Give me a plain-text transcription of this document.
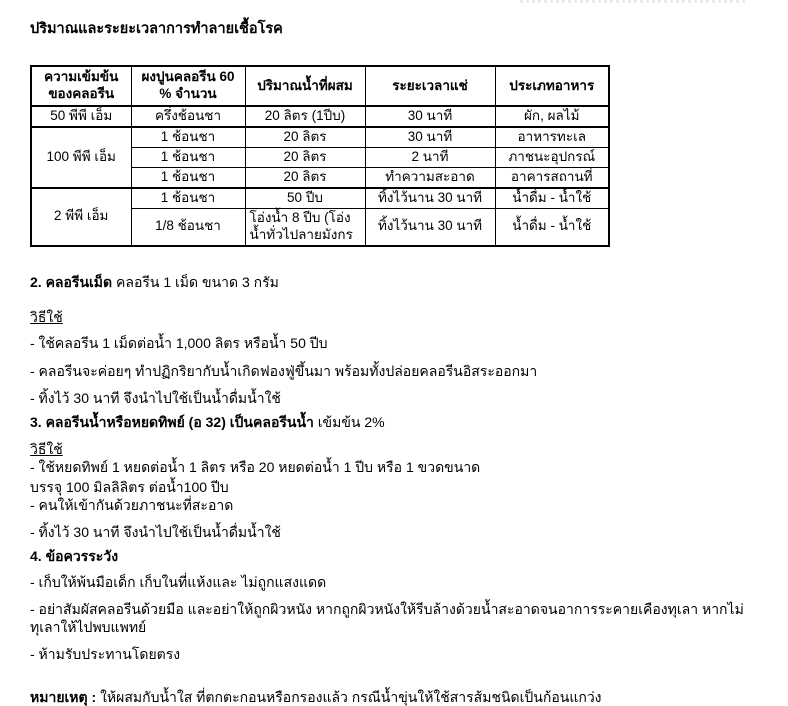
ปริมาณและระยะเวลาการทำลายเชื้อโรค

ความเข้มข้น ของคลอรีน	ผงปูนคลอรีน 60 % จำนวน	ปริมาณน้ำที่ผสม	ระยะเวลาแช่	ประเภทอาหาร
50 พีพี เอ็ม	ครึ่งช้อนชา	20 ลิตร (1ปีบ)	30 นาที	ผัก, ผลไม้
100 พีพี เอ็ม	1 ช้อนชา	20 ลิตร	30 นาที	อาหารทะเล
	1 ช้อนชา	20 ลิตร	2 นาที	ภาชนะอุปกรณ์
	1 ช้อนชา	20 ลิตร	ทำความสะอาด	อาคารสถานที่
2 พีพี เอ็ม	1 ช้อนชา	50 ปีบ	ทิ้งไว้นาน 30 นาที	น้ำดื่ม - น้ำใช้
	1/8 ช้อนชา	โอ่งน้ำ 8 ปีบ (โอ่งน้ำทั่วไปลายมังกร	ทิ้งไว้นาน 30 นาที	น้ำดื่ม - น้ำใช้

2. คลอรีนเม็ด คลอรีน 1 เม็ด ขนาด 3 กรัม

วิธีใช้

- ใช้คลอรีน 1 เม็ดต่อน้ำ 1,000 ลิตร หรือน้ำ 50 ปีบ

- คลอรีนจะค่อยๆ ทำปฏิกริยากับน้ำเกิดฟองฟู่ขึ้นมา พร้อมทั้งปล่อยคลอรีนอิสระออกมา

- ทิ้งไว้ 30 นาที จึงนำไปใช้เป็นน้ำดื่มน้ำใช้

3. คลอรีนน้ำหรือหยดทิพย์ (อ 32) เป็นคลอรีนน้ำ เข้มข้น 2%

วิธีใช้

- ใช้หยดทิพย์ 1 หยดต่อน้ำ 1 ลิตร หรือ 20 หยดต่อน้ำ 1 ปีบ หรือ 1 ขวดขนาด

บรรจุ 100 มิลลิลิตร ต่อน้ำ100 ปีบ

- คนให้เข้ากันด้วยภาชนะที่สะอาด

- ทิ้งไว้ 30 นาที จึงนำไปใช้เป็นน้ำดื่มน้ำใช้

4. ข้อควรระวัง

- เก็บให้พ้นมือเด็ก เก็บในที่แห้งและ ไม่ถูกแสงแดด

- อย่าสัมผัสคลอรีนด้วยมือ และอย่าให้ถูกผิวหนัง หากถูกผิวหนังให้รีบล้างด้วยน้ำสะอาดจนอาการระคายเคืองทุเลา หากไม่ทุเลาให้ไปพบแพทย์

- ห้ามรับประทานโดยตรง

หมายเหตุ : ให้ผสมกับน้ำใส ที่ตกตะกอนหรือกรองแล้ว กรณีน้ำขุ่นให้ใช้สารส้มชนิดเป็นก้อนแกว่ง
